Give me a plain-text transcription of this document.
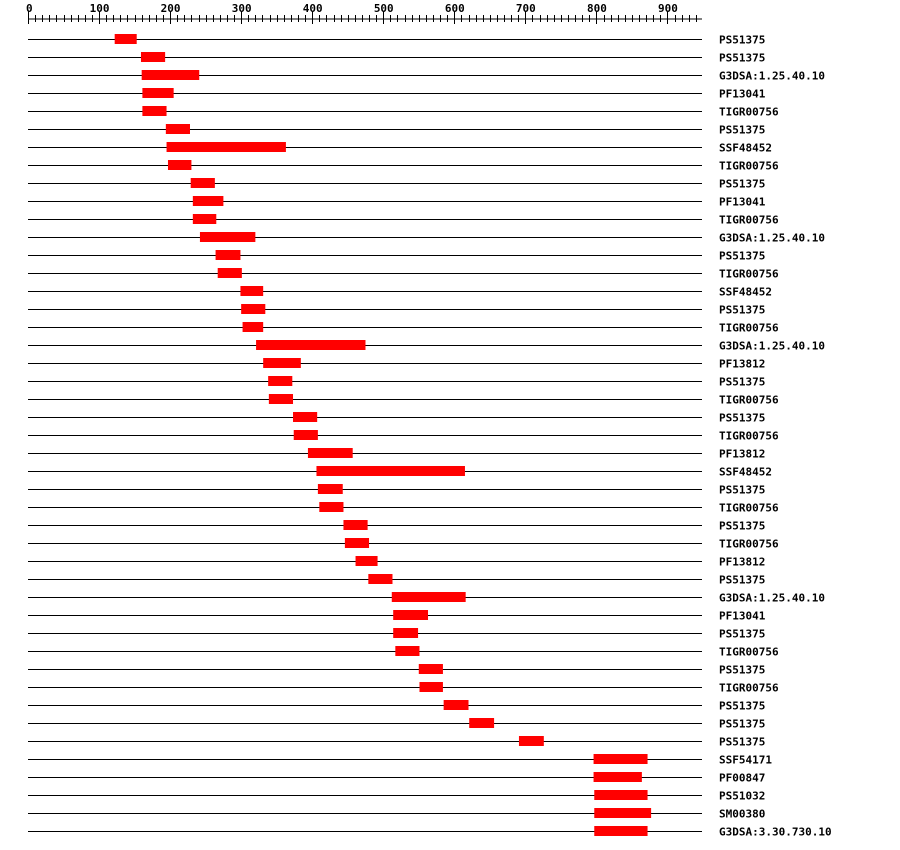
0	100	200	300	400	500	600	700	800	900
PS51375
PS51375
G3DSA:1.25.40.10
PF13041
TIGR00756
PS51375
SSF48452
TIGR00756
PS51375
PF13041
TIGR00756
G3DSA:1.25.40.10
PS51375
TIGR00756
SSF48452
PS51375
TIGR00756
G3DSA:1.25.40.10
PF13812
PS51375
TIGR00756
PS51375
TIGR00756
PF13812
SSF48452
PS51375
TIGR00756
PS51375
TIGR00756
PF13812
PS51375
G3DSA:1.25.40.10
PF13041
PS51375
TIGR00756
PS51375
TIGR00756
PS51375
PS51375
PS51375
SSF54171
PF00847
PS51032
SM00380
G3DSA:3.30.730.10
